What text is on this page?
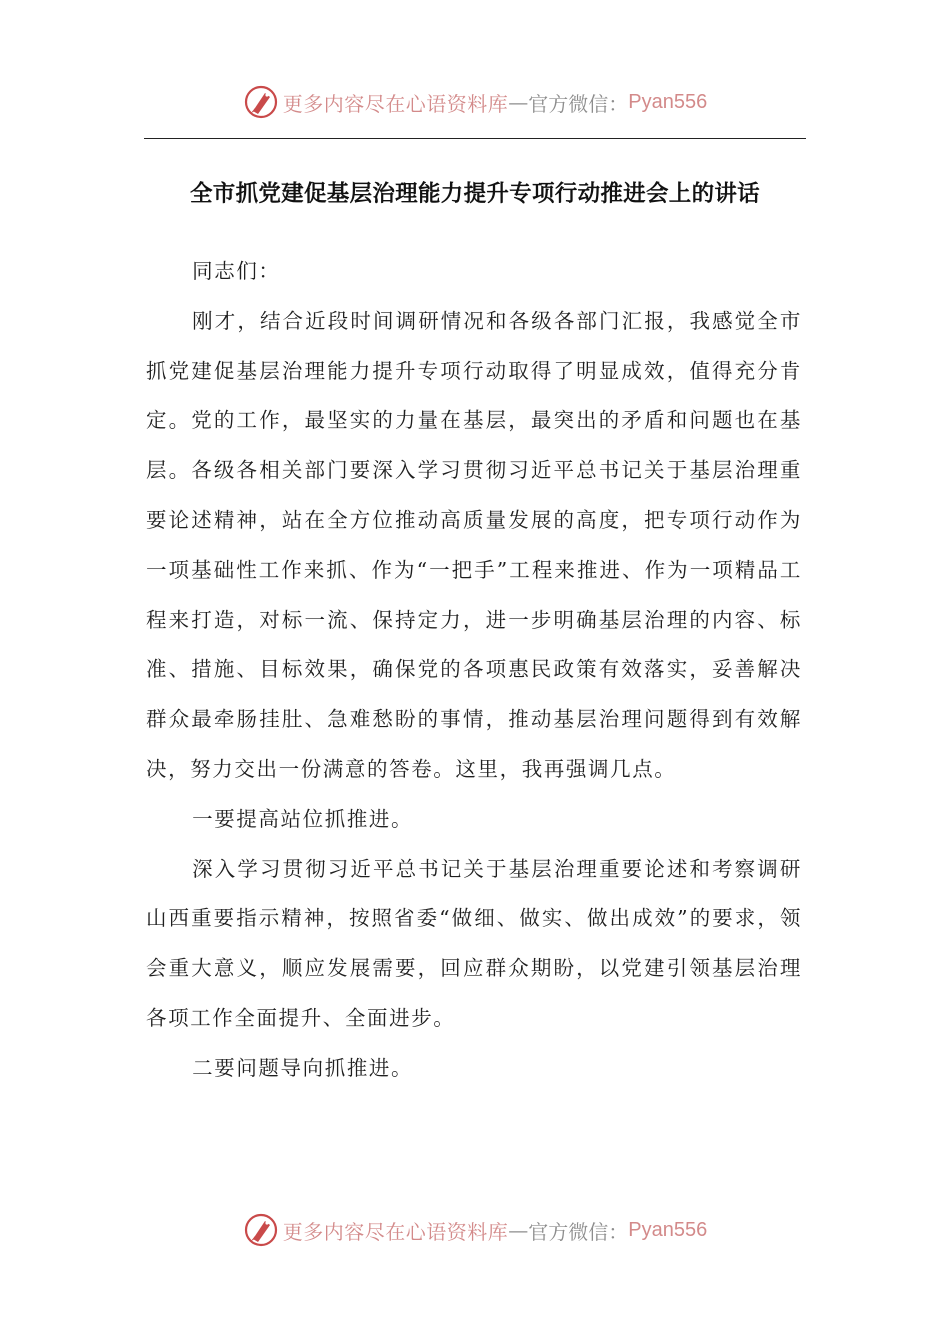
更多内容尽在心语资料库 — 官方微信： Pyan556
全市抓党建促基层治理能力提升专项行动推进会上的讲话

同志们：

刚才，结合近段时间调研情况和各级各部门汇报，我感觉全市抓党建促基层治理能力提升专项行动取得了明显成效，值得充分肯定。党的工作，最坚实的力量在基层，最突出的矛盾和问题也在基层。各级各相关部门要深入学习贯彻习近平总书记关于基层治理重要论述精神，站在全方位推动高质量发展的高度，把专项行动作为一项基础性工作来抓、作为“一把手”工程来推进、作为一项精品工程来打造，对标一流、保持定力，进一步明确基层治理的内容、标准、措施、目标效果，确保党的各项惠民政策有效落实，妥善解决群众最牵肠挂肚、急难愁盼的事情，推动基层治理问题得到有效解决，努力交出一份满意的答卷。这里，我再强调几点。

一要提高站位抓推进。

深入学习贯彻习近平总书记关于基层治理重要论述和考察调研山西重要指示精神，按照省委“做细、做实、做出成效”的要求，领会重大意义，顺应发展需要，回应群众期盼，以党建引领基层治理各项工作全面提升、全面进步。

二要问题导向抓推进。

更多内容尽在心语资料库 — 官方微信： Pyan556
